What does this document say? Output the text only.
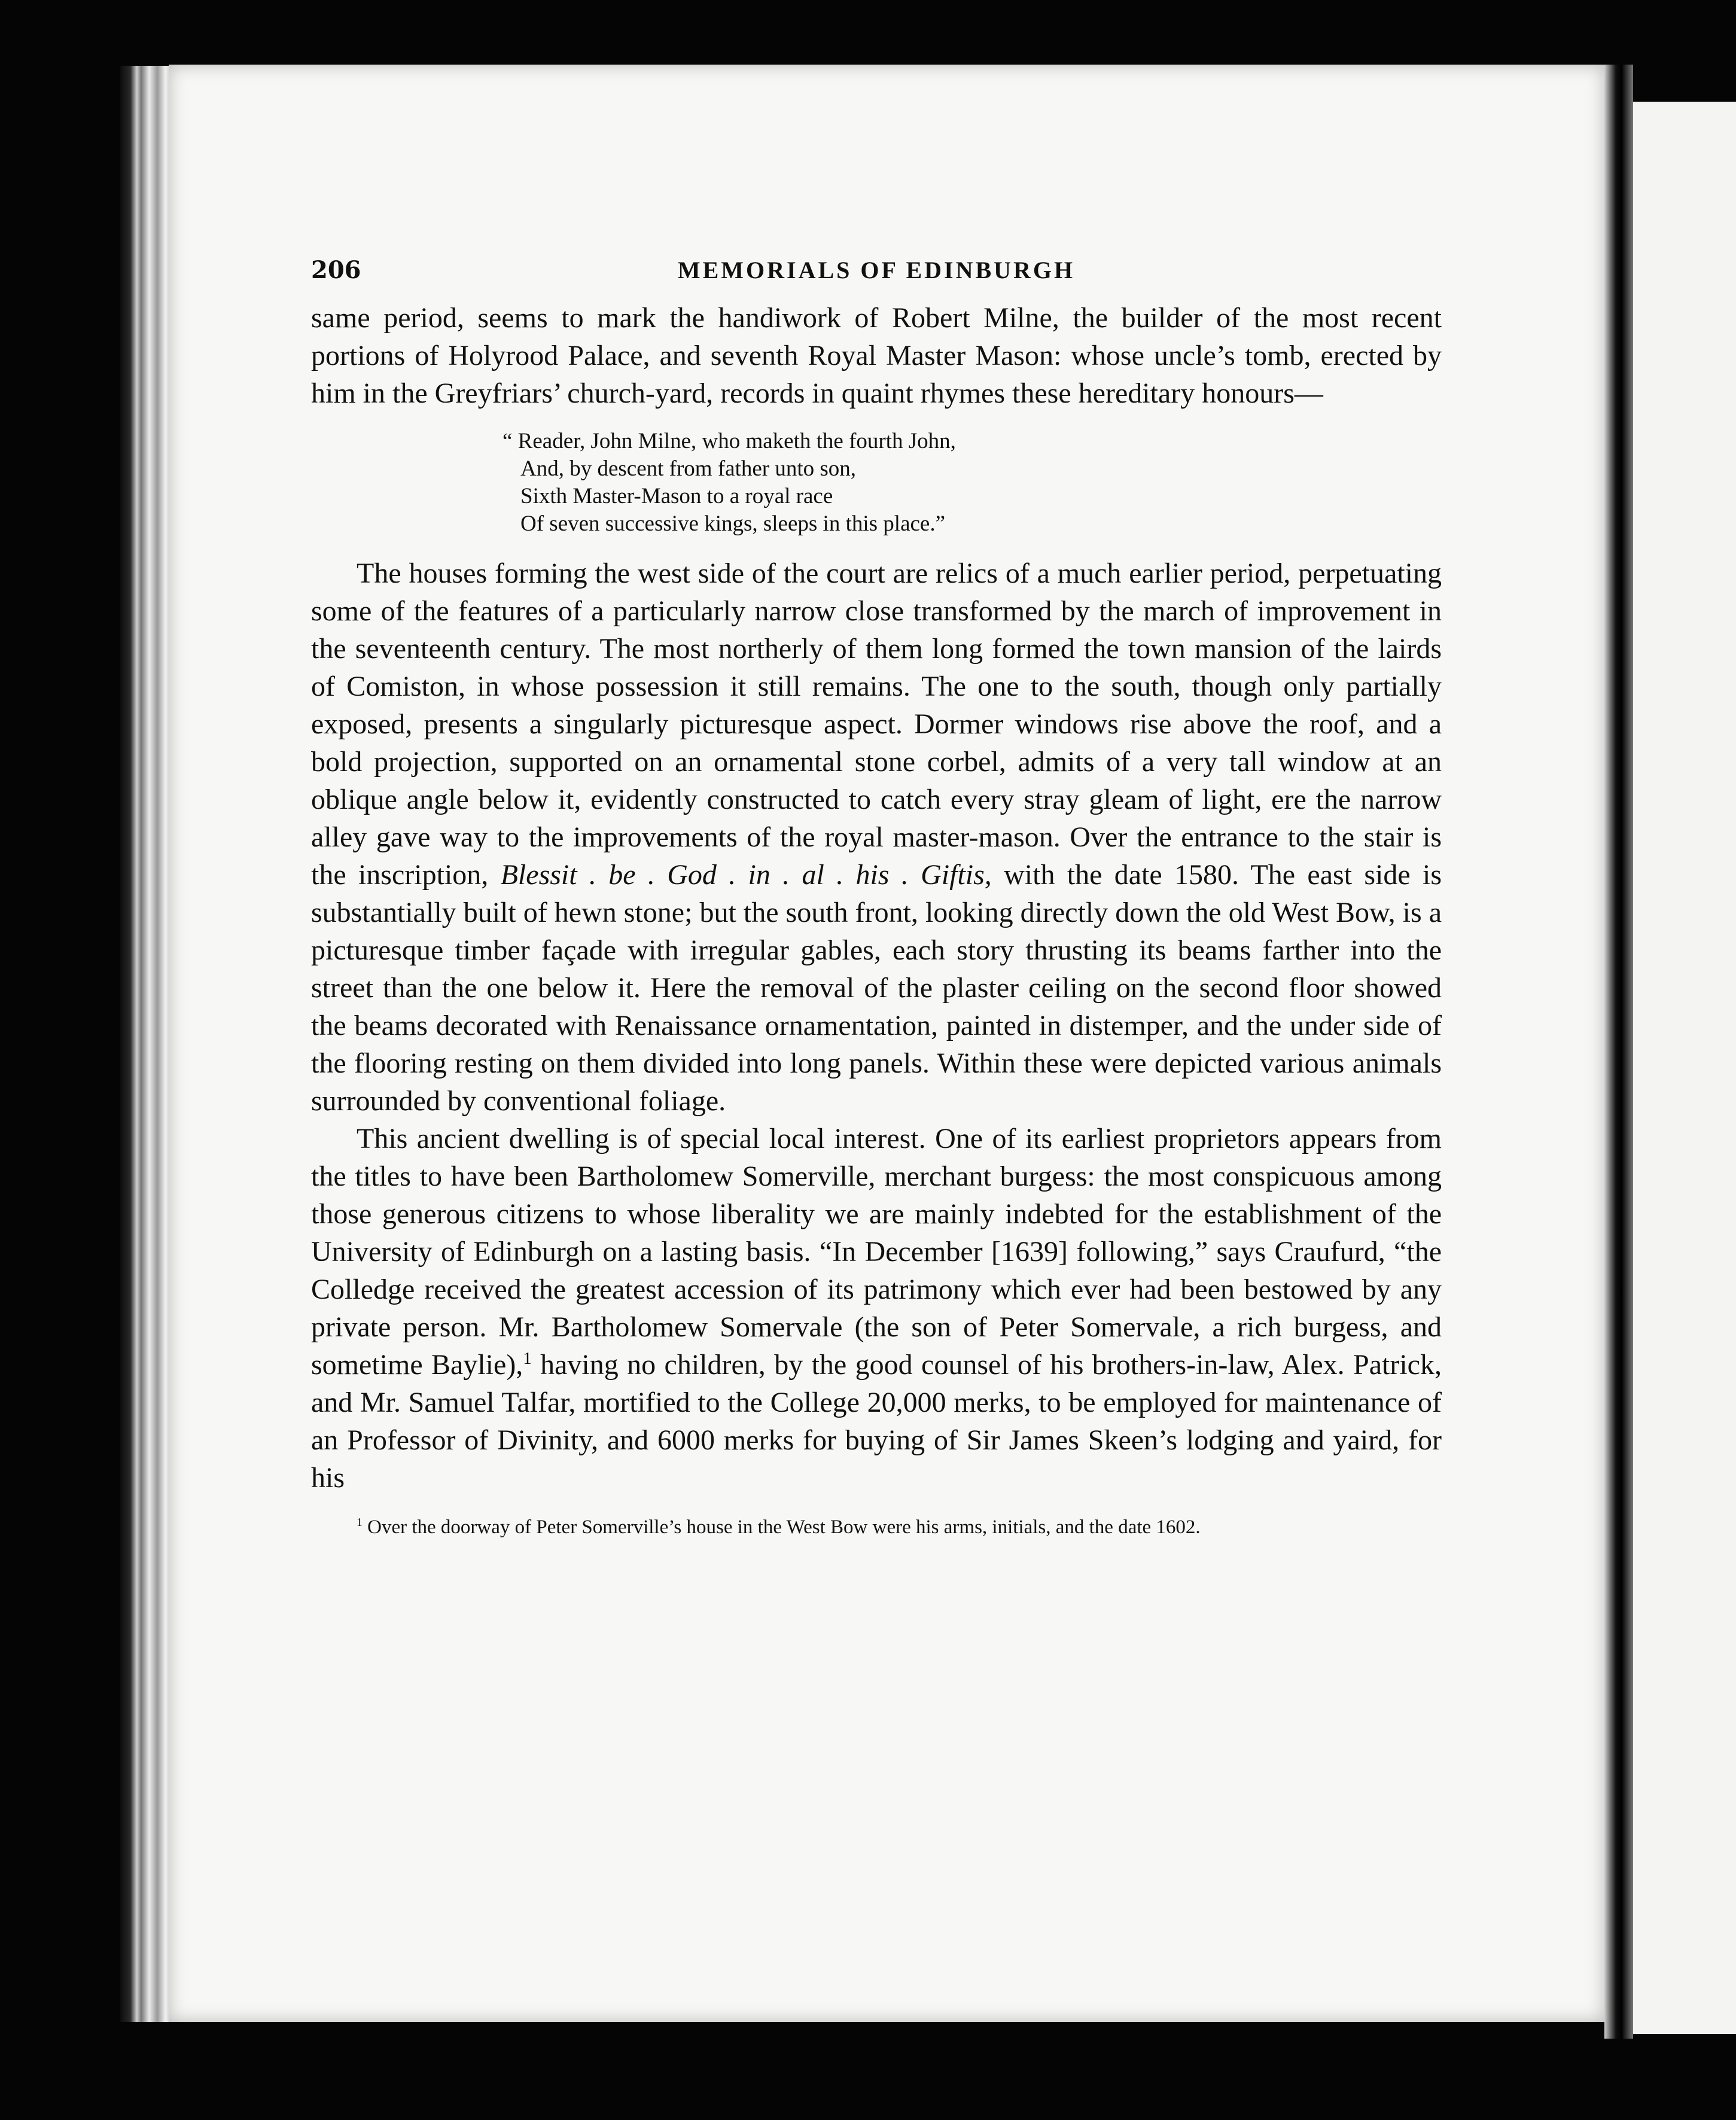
206	MEMORIALS OF EDINBURGH

same period, seems to mark the handiwork of Robert Milne, the builder of the most recent portions of Holyrood Palace, and seventh Royal Master Mason: whose uncle’s tomb, erected by him in the Greyfriars’ church-yard, records in quaint rhymes these hereditary honours—

“ Reader, John Milne, who maketh the fourth John,
And, by descent from father unto son,
Sixth Master-Mason to a royal race
Of seven successive kings, sleeps in this place.”

The houses forming the west side of the court are relics of a much earlier period, perpetuating some of the features of a particularly narrow close transformed by the march of improvement in the seventeenth century. The most northerly of them long formed the town mansion of the lairds of Comiston, in whose possession it still remains. The one to the south, though only partially exposed, presents a singularly picturesque aspect. Dormer windows rise above the roof, and a bold projection, supported on an ornamental stone corbel, admits of a very tall window at an oblique angle below it, evidently constructed to catch every stray gleam of light, ere the narrow alley gave way to the improvements of the royal master-mason. Over the entrance to the stair is the inscription, Blessit . be . God . in . al . his . Giftis, with the date 1580. The east side is substantially built of hewn stone; but the south front, looking directly down the old West Bow, is a picturesque timber façade with irregular gables, each story thrusting its beams farther into the street than the one below it. Here the removal of the plaster ceiling on the second floor showed the beams decorated with Renaissance ornamentation, painted in distemper, and the under side of the flooring resting on them divided into long panels. Within these were depicted various animals surrounded by conventional foliage.

This ancient dwelling is of special local interest. One of its earliest proprietors appears from the titles to have been Bartholomew Somerville, merchant burgess: the most conspicuous among those generous citizens to whose liberality we are mainly indebted for the establishment of the University of Edinburgh on a lasting basis. “In December [1639] following,” says Craufurd, “the Colledge received the greatest accession of its patrimony which ever had been bestowed by any private person. Mr. Bartholomew Somervale (the son of Peter Somervale, a rich burgess, and sometime Baylie),$^1$ having no children, by the good counsel of his brothers-in-law, Alex. Patrick, and Mr. Samuel Talfar, mortified to the College 20,000 merks, to be employed for maintenance of an Professor of Divinity, and 6000 merks for buying of Sir James Skeen’s lodging and yaird, for his

$^1$ Over the doorway of Peter Somerville’s house in the West Bow were his arms, initials, and the date 1602.
